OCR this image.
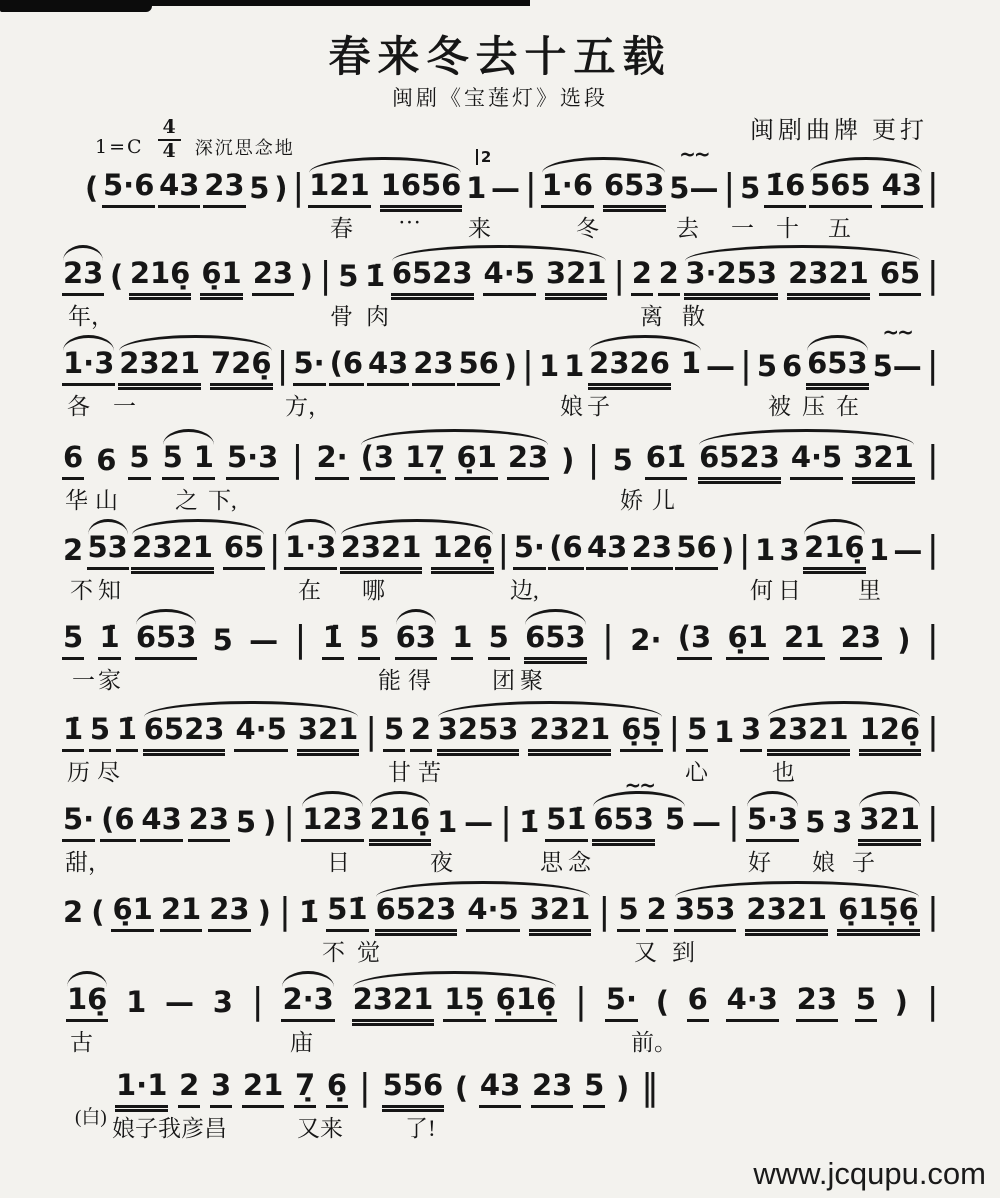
春来冬去十五载
闽剧《宝莲灯》选段
闽剧曲牌 更打
$1=C \frac{4}{4}$ 深沉思念地
( 5·6 43 23 5 ) | 121 1656 1
2
— | 1·6 653 5—
~~ | 5 1̇6 565 43 |
春 ··· 来	冬	去 一 十 五
23 ( 216̣ 6̣1 23 ) | 5 1̇ 6523 4·5 321 | 2 2 3·253 2321 65 |
年，	骨 肉	离 散
1·3 2321 726̣ | 5· (6 43 23 56 ) | 1 1 2326 1 — | 5 6 653 5—
~~ |
各 一	方，	娘 子	被 压 在
6 6 5 5 1 5·3 | 2· (3 17̣ 6̣1 23 ) | 5 61̇ 6523 4·5 321 |
华 山 之 下,	娇 儿
2 53 2321 65 | 1·3 2321 126̣ | 5· (6 43 23 56 ) | 1 3 216̣ 1 — |
不 知	在 哪	边,	何 日 里
5 1̇ 653 5 — | 1̇ 5 63 1 5 653 | 2· (3 6̣1 21 23 ) |
一 家	能 得	团 聚
1̇ 5 1̇ 6523 4·5 321 | 5 2 3253 2321 6̣5̣ | 5 1 3 2321 126̣ |
历 尽	甘 苦	心	也
5· (6 43 23 5 ) | 123 216̣ 1 — | 1̇ 51̇ 653 5
~~ — | 5·3 5 3 321 |
甜，	日	夜	思 念	好 娘 子
2 ( 6̣1 21 23 ) | 1̇ 51̇ 6523 4·5 321 | 5 2 353 2321 6̣15̣6̣ |
不 觉	又 到
16̣ 1 — 3 | 2·3 2321 15̣ 6̣16̣ | 5· ( 6 4·3 23 5 ) |
古	庙	前。
1·1 2 3 21 7̣ 6̣ | 556 ( 43 23 5 ) ‖
(白) 娘子我彦昌	又来	了!
www.jcqupu.com
